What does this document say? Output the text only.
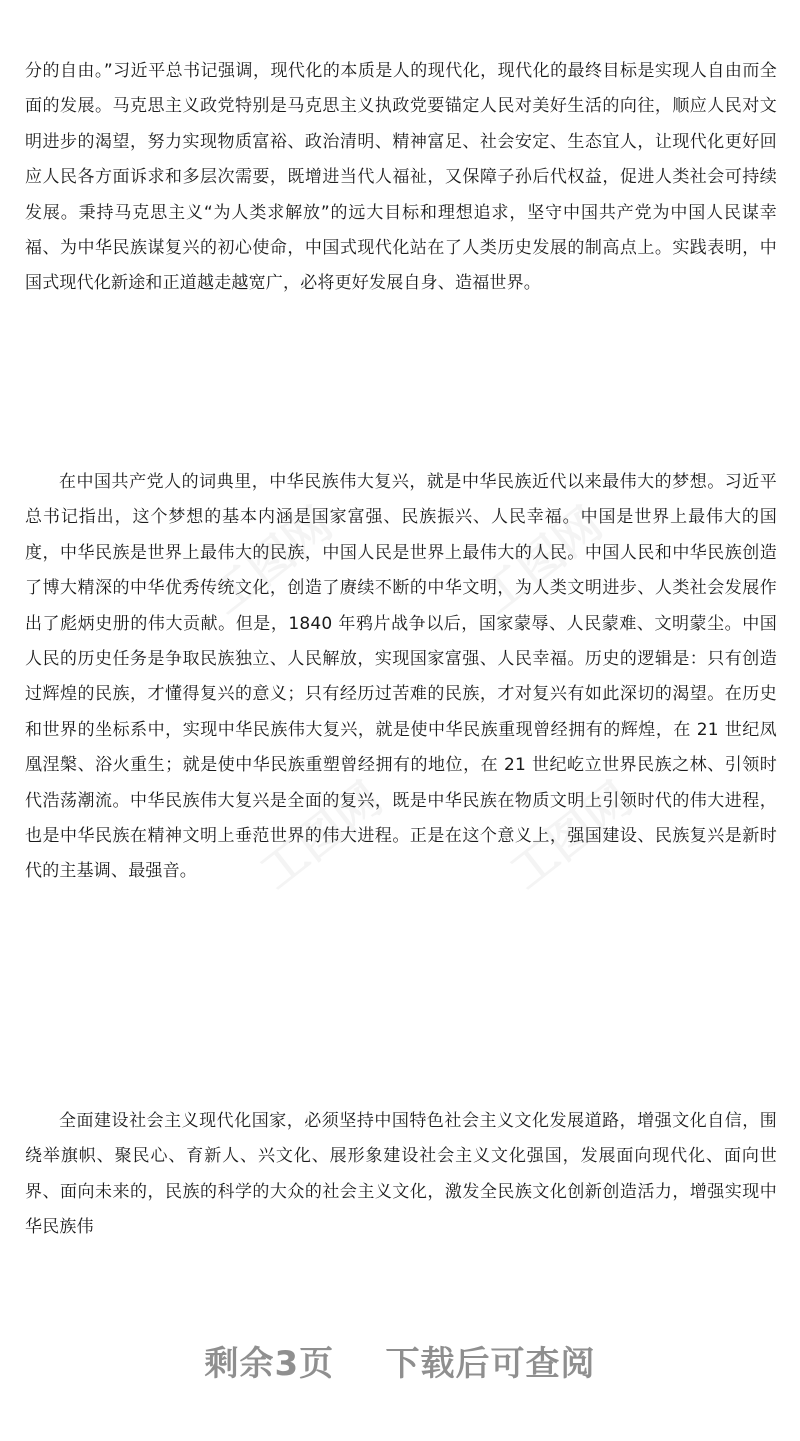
工图网	工图网
工图网 工图网

分的自由。”习近平总书记强调，现代化的本质是人的现代化，现代化的最终目标是实现人自由而全面的发展。马克思主义政党特别是马克思主义执政党要锚定人民对美好生活的向往，顺应人民对文明进步的渴望，努力实现物质富裕、政治清明、精神富足、社会安定、生态宜人，让现代化更好回应人民各方面诉求和多层次需要，既增进当代人福祉，又保障子孙后代权益，促进人类社会可持续发展。秉持马克思主义“为人类求解放”的远大目标和理想追求，坚守中国共产党为中国人民谋幸福、为中华民族谋复兴的初心使命，中国式现代化站在了人类历史发展的制高点上。实践表明，中国式现代化新途和正道越走越宽广，必将更好发展自身、造福世界。

在中国共产党人的词典里，中华民族伟大复兴，就是中华民族近代以来最伟大的梦想。习近平总书记指出，这个梦想的基本内涵是国家富强、民族振兴、人民幸福。中国是世界上最伟大的国度，中华民族是世界上最伟大的民族，中国人民是世界上最伟大的人民。中国人民和中华民族创造了博大精深的中华优秀传统文化，创造了赓续不断的中华文明，为人类文明进步、人类社会发展作出了彪炳史册的伟大贡献。但是，1840 年鸦片战争以后，国家蒙辱、人民蒙难、文明蒙尘。中国人民的历史任务是争取民族独立、人民解放，实现国家富强、人民幸福。历史的逻辑是：只有创造过辉煌的民族，才懂得复兴的意义；只有经历过苦难的民族，才对复兴有如此深切的渴望。在历史和世界的坐标系中，实现中华民族伟大复兴，就是使中华民族重现曾经拥有的辉煌，在 21 世纪凤凰涅槃、浴火重生；就是使中华民族重塑曾经拥有的地位，在 21 世纪屹立世界民族之林、引领时代浩荡潮流。中华民族伟大复兴是全面的复兴，既是中华民族在物质文明上引领时代的伟大进程，也是中华民族在精神文明上垂范世界的伟大进程。正是在这个意义上，强国建设、民族复兴是新时代的主基调、最强音。

全面建设社会主义现代化国家，必须坚持中国特色社会主义文化发展道路，增强文化自信，围绕举旗帜、聚民心、育新人、兴文化、展形象建设社会主义文化强国，发展面向现代化、面向世界、面向未来的，民族的科学的大众的社会主义文化，激发全民族文化创新创造活力，增强实现中华民族伟

剩余3页    下载后可查阅
